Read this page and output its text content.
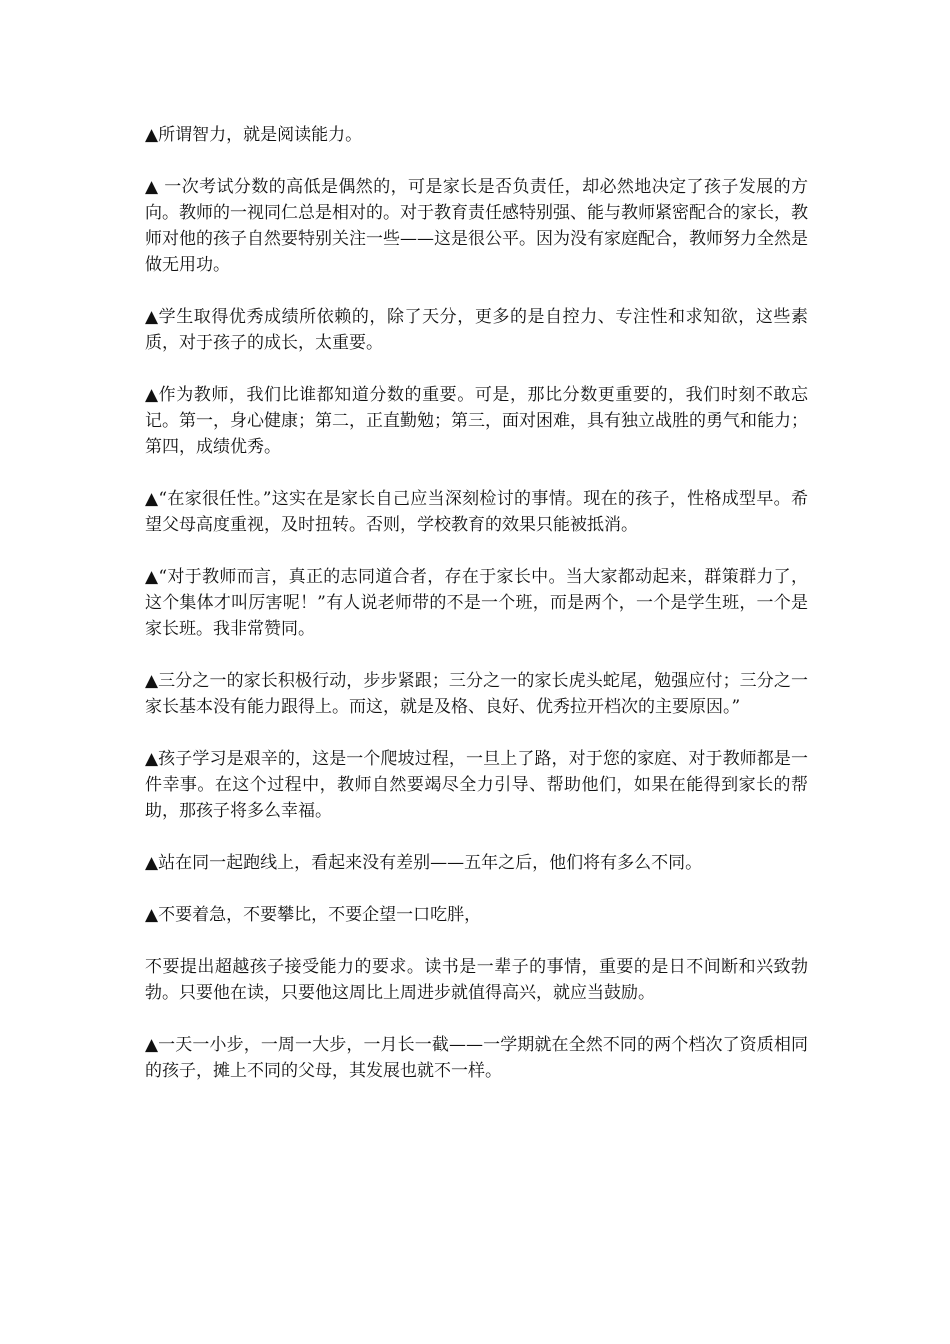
▲所谓智力，就是阅读能力。

▲ 一次考试分数的高低是偶然的，可是家长是否负责任，却必然地决定了孩子发展的方向。教师的一视同仁总是相对的。对于教育责任感特别强、能与教师紧密配合的家长，教师对他的孩子自然要特别关注一些——这是很公平。因为没有家庭配合，教师努力全然是做无用功。

▲学生取得优秀成绩所依赖的，除了天分，更多的是自控力、专注性和求知欲，这些素质，对于孩子的成长，太重要。

▲作为教师，我们比谁都知道分数的重要。可是，那比分数更重要的，我们时刻不敢忘记。第一，身心健康；第二，正直勤勉；第三，面对困难，具有独立战胜的勇气和能力；第四，成绩优秀。

▲“在家很任性。”这实在是家长自己应当深刻检讨的事情。现在的孩子，性格成型早。希望父母高度重视，及时扭转。否则，学校教育的效果只能被抵消。

▲“对于教师而言，真正的志同道合者，存在于家长中。当大家都动起来，群策群力了，这个集体才叫厉害呢！”有人说老师带的不是一个班，而是两个，一个是学生班，一个是家长班。我非常赞同。

▲三分之一的家长积极行动，步步紧跟；三分之一的家长虎头蛇尾，勉强应付；三分之一家长基本没有能力跟得上。而这，就是及格、良好、优秀拉开档次的主要原因。”

▲孩子学习是艰辛的，这是一个爬坡过程，一旦上了路，对于您的家庭、对于教师都是一件幸事。在这个过程中，教师自然要竭尽全力引导、帮助他们，如果在能得到家长的帮助，那孩子将多么幸福。

▲站在同一起跑线上，看起来没有差别——五年之后，他们将有多么不同。

▲不要着急，不要攀比，不要企望一口吃胖，

不要提出超越孩子接受能力的要求。读书是一辈子的事情，重要的是日不间断和兴致勃勃。只要他在读，只要他这周比上周进步就值得高兴，就应当鼓励。

▲一天一小步，一周一大步，一月长一截——一学期就在全然不同的两个档次了资质相同的孩子，摊上不同的父母，其发展也就不一样。
